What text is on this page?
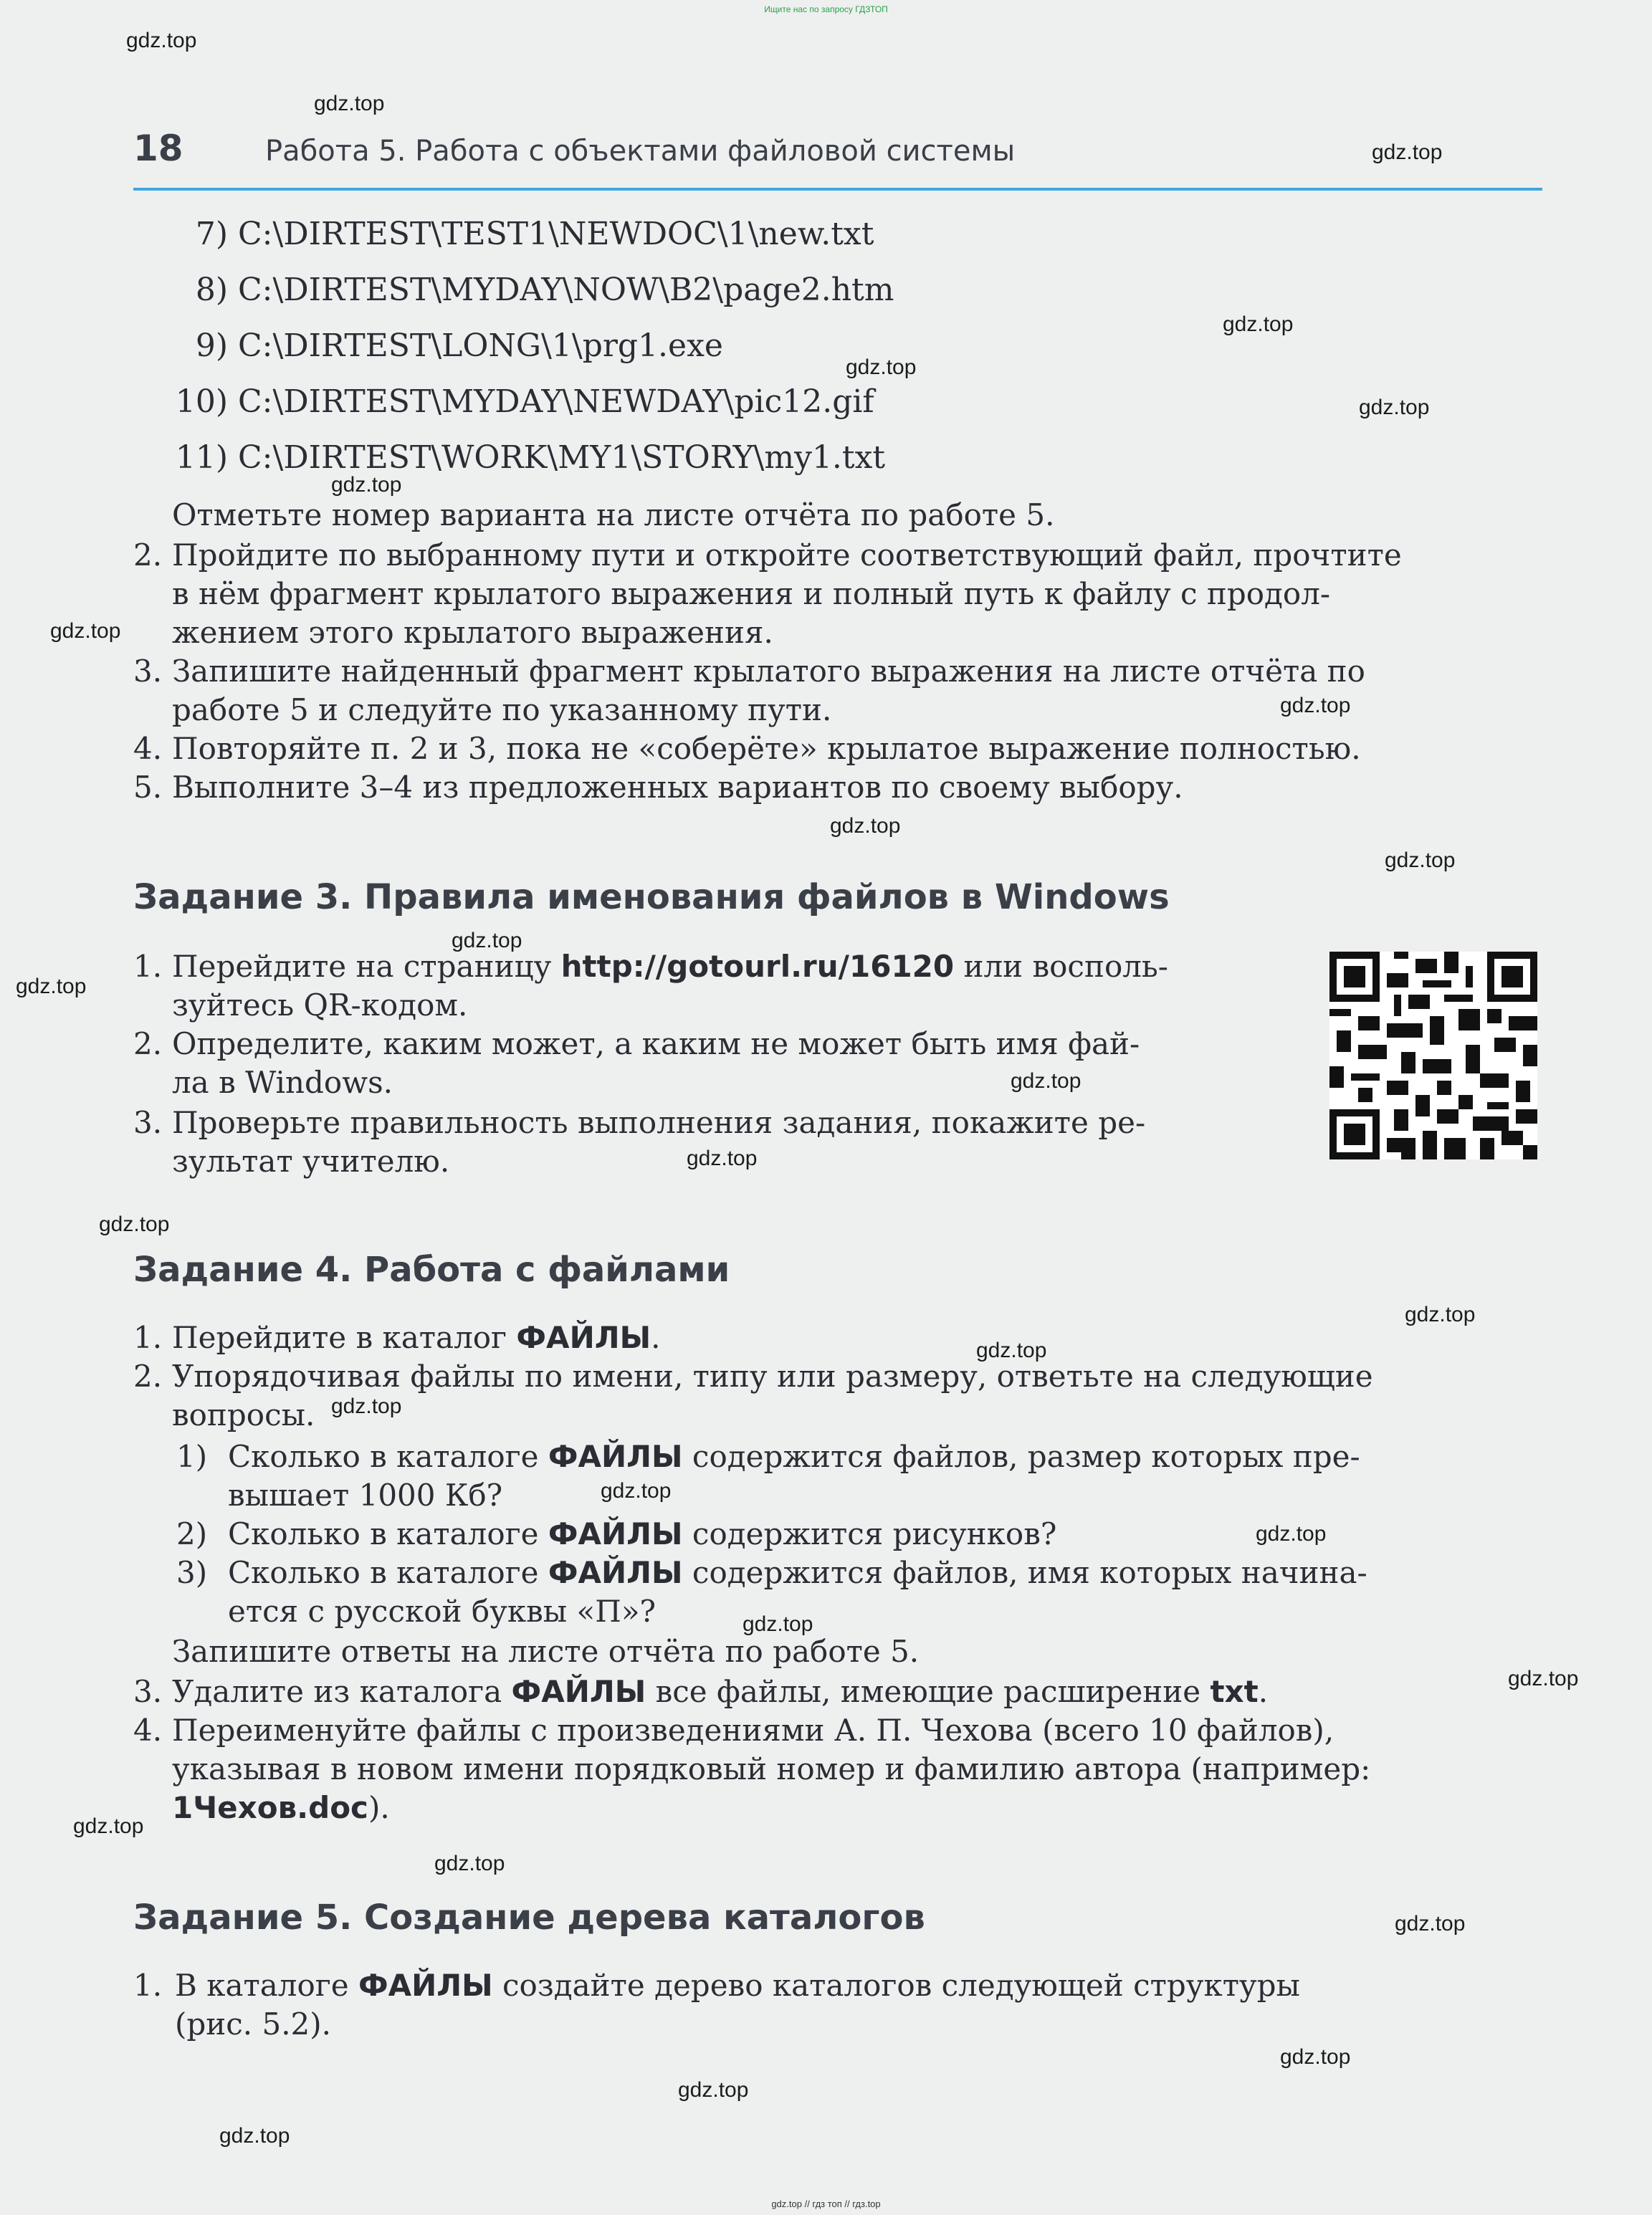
Ищите нас по запросу ГДЗТОП
gdz.top
gdz.top
gdz.top
gdz.top
gdz.top
gdz.top
gdz.top
gdz.top
gdz.top
gdz.top
gdz.top
gdz.top
gdz.top
gdz.top
gdz.top
gdz.top
gdz.top
gdz.top
gdz.top
gdz.top
gdz.top
gdz.top
gdz.top
gdz.top
gdz.top
gdz.top
gdz.top
gdz.top
gdz.top
18	Работа 5. Работа с объектами файловой системы
7) C:\DIRTEST\TEST1\NEWDOC\1\new.txt
8) C:\DIRTEST\MYDAY\NOW\B2\page2.htm
9) C:\DIRTEST\LONG\1\prg1.exe
10) C:\DIRTEST\MYDAY\NEWDAY\pic12.gif
11) C:\DIRTEST\WORK\MY1\STORY\my1.txt
Отметьте номер варианта на листе отчёта по работе 5.
2. Пройдите по выбранному пути и откройте соответствующий файл, прочтите
в нём фрагмент крылатого выражения и полный путь к файлу с продол-
жением этого крылатого выражения.
3. Запишите найденный фрагмент крылатого выражения на листе отчёта по
работе 5 и следуйте по указанному пути.
4. Повторяйте п. 2 и 3, пока не «соберёте» крылатое выражение полностью.
5. Выполните 3–4 из предложенных вариантов по своему выбору.
Задание 3. Правила именования файлов в Windows
1. Перейдите на страницу http://gotourl.ru/16120 или восполь-
зуйтесь QR-кодом.
2. Определите, каким может, а каким не может быть имя фай-
ла в Windows.
3. Проверьте правильность выполнения задания, покажите ре-
зультат учителю.
Задание 4. Работа с файлами
1. Перейдите в каталог ФАЙЛЫ.
2. Упорядочивая файлы по имени, типу или размеру, ответьте на следующие
вопросы.
1) Сколько в каталоге ФАЙЛЫ содержится файлов, размер которых пре-
вышает 1000 Кб?
2) Сколько в каталоге ФАЙЛЫ содержится рисунков?
3) Сколько в каталоге ФАЙЛЫ содержится файлов, имя которых начина-
ется с русской буквы «П»?
Запишите ответы на листе отчёта по работе 5.
3. Удалите из каталога ФАЙЛЫ все файлы, имеющие расширение txt.
4. Переименуйте файлы с произведениями А. П. Чехова (всего 10 файлов),
указывая в новом имени порядковый номер и фамилию автора (например:
1Чехов.doc).
Задание 5. Создание дерева каталогов
1. В каталоге ФАЙЛЫ создайте дерево каталогов следующей структуры
(рис. 5.2).
gdz.top // гдз топ // гдз.top
